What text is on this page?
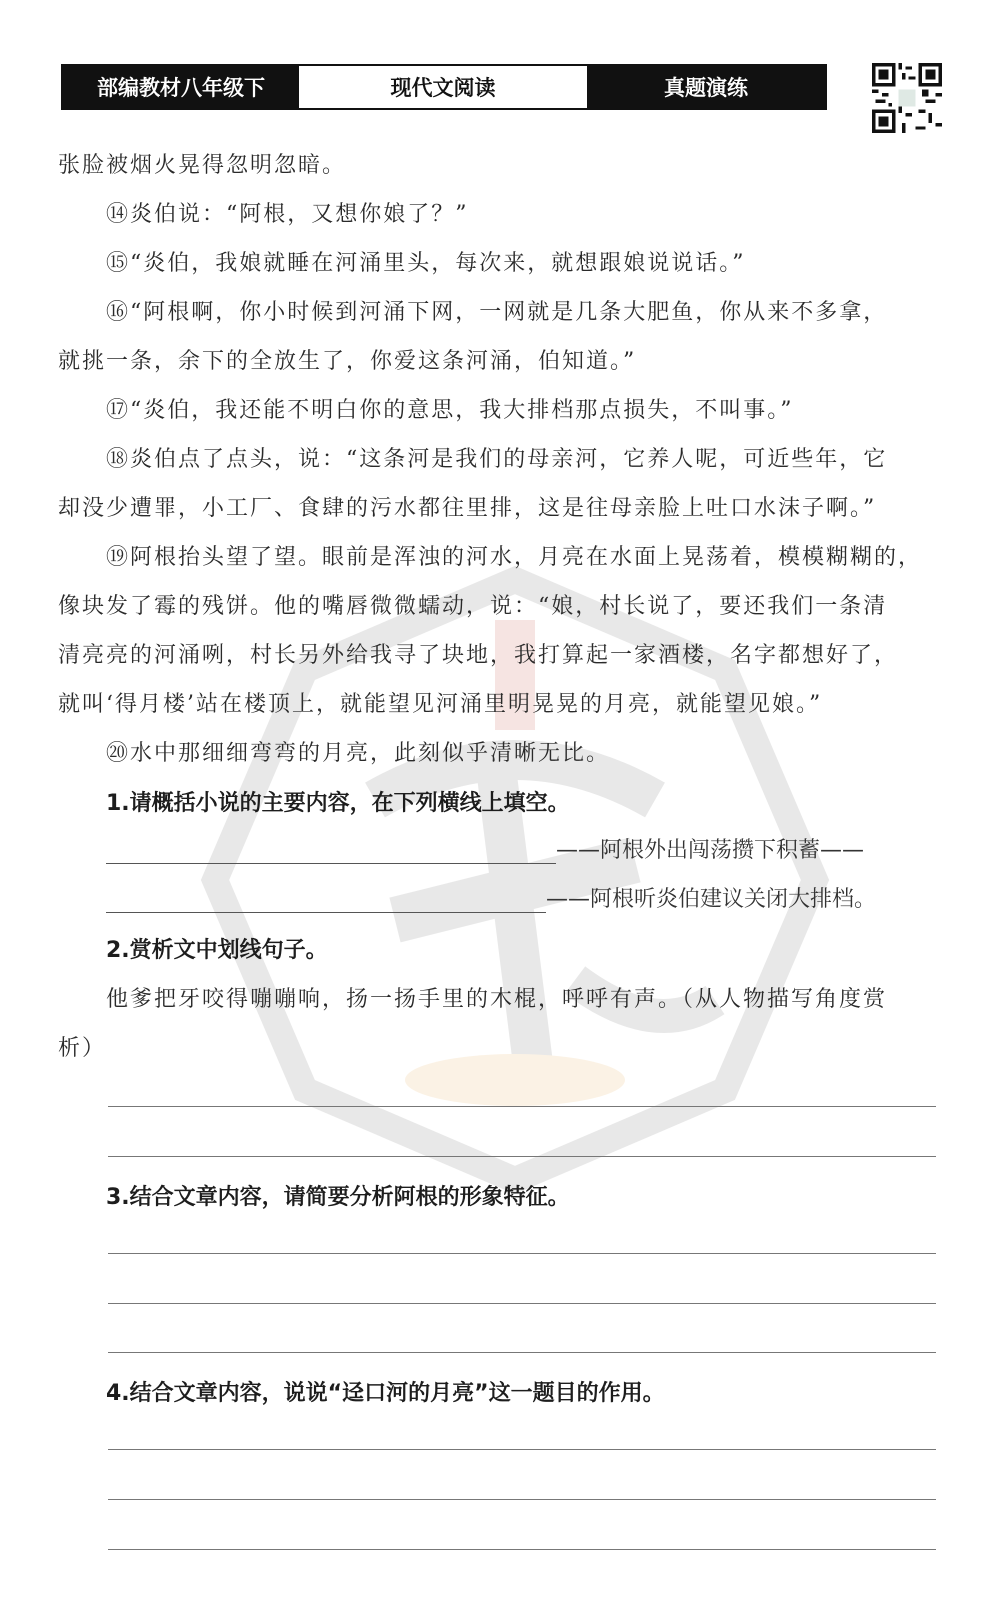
部编教材八年级下	现代文阅读	真题演练
张脸被烟火晃得忽明忽暗。
⑭炎伯说：“阿根，又想你娘了？”
⑮“炎伯，我娘就睡在河涌里头，每次来，就想跟娘说说话。”
⑯“阿根啊，你小时候到河涌下网，一网就是几条大肥鱼，你从来不多拿，
就挑一条，余下的全放生了，你爱这条河涌，伯知道。”
⑰“炎伯，我还能不明白你的意思，我大排档那点损失，不叫事。”
⑱炎伯点了点头，说：“这条河是我们的母亲河，它养人呢，可近些年，它
却没少遭罪，小工厂、食肆的污水都往里排，这是往母亲脸上吐口水沫子啊。”
⑲阿根抬头望了望。眼前是浑浊的河水，月亮在水面上晃荡着，模模糊糊的，
像块发了霉的残饼。他的嘴唇微微蠕动，说：“娘，村长说了，要还我们一条清
清亮亮的河涌咧，村长另外给我寻了块地，我打算起一家酒楼，名字都想好了，
就叫‘得月楼’站在楼顶上，就能望见河涌里明晃晃的月亮，就能望见娘。”
⑳水中那细细弯弯的月亮，此刻似乎清晰无比。
1.请概括小说的主要内容，在下列横线上填空。
——阿根外出闯荡攒下积蓄——
——阿根听炎伯建议关闭大排档。
2.赏析文中划线句子。
他爹把牙咬得嘣嘣响，扬一扬手里的木棍，呼呼有声。（从人物描写角度赏
析）
3.结合文章内容，请简要分析阿根的形象特征。
4.结合文章内容，说说“迳口河的月亮”这一题目的作用。
